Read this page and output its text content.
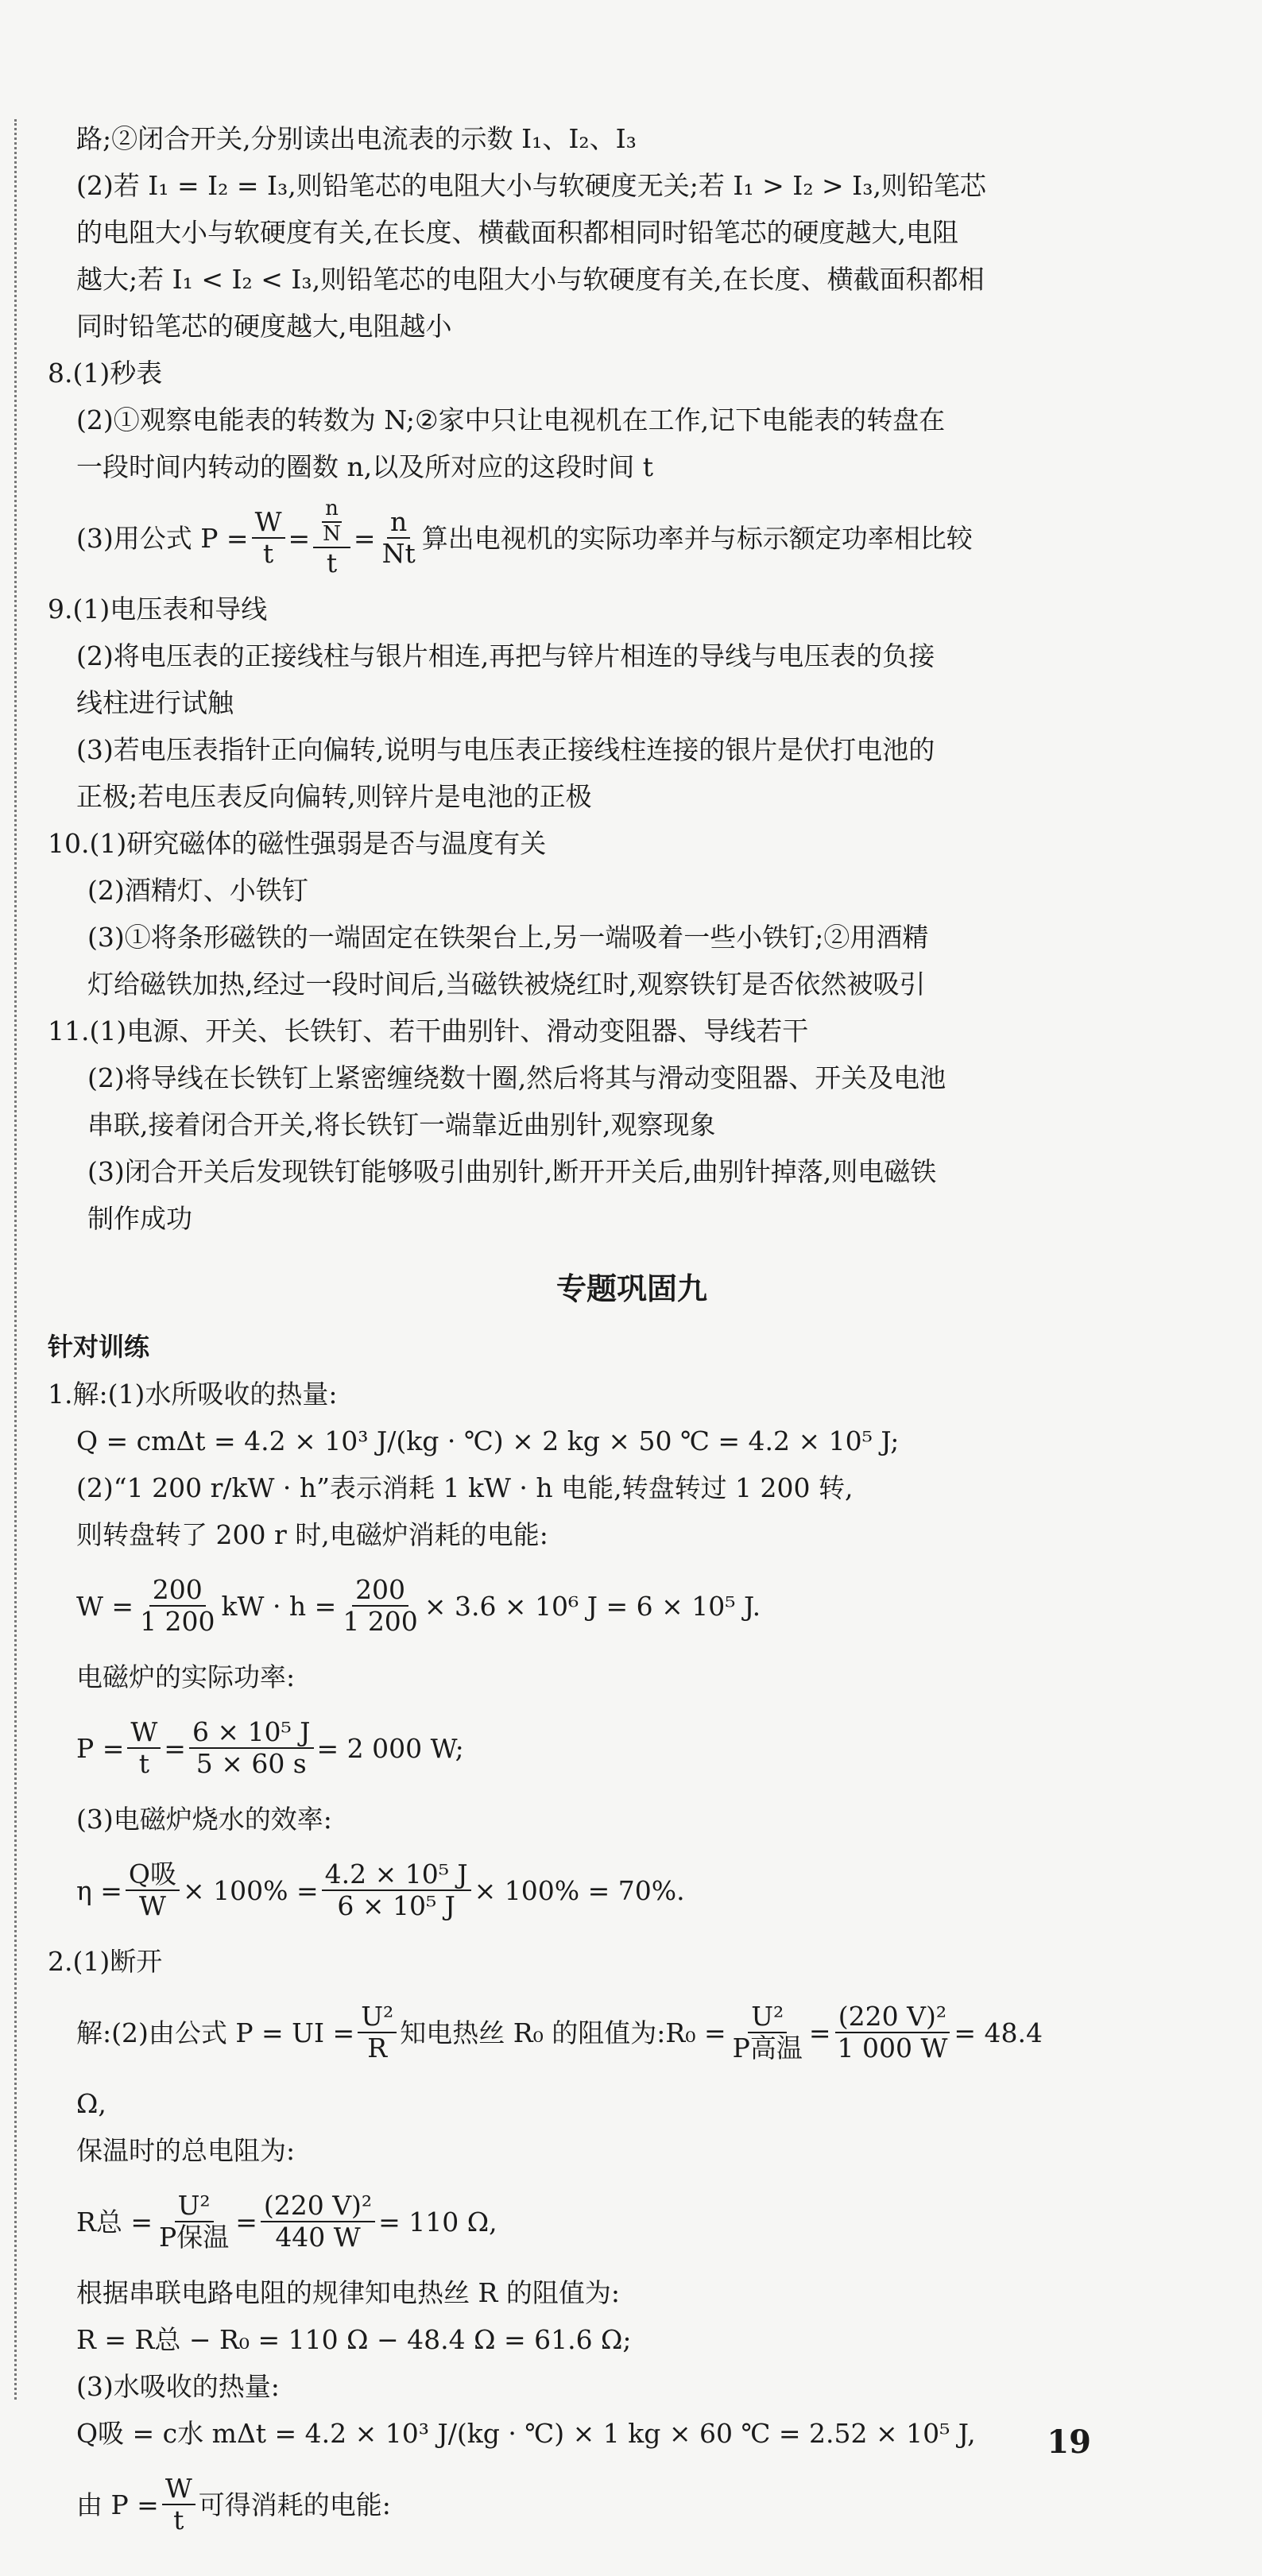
路;②闭合开关,分别读出电流表的示数 I₁、I₂、I₃
(2)若 I₁ = I₂ = I₃,则铅笔芯的电阻大小与软硬度无关;若 I₁ > I₂ > I₃,则铅笔芯
的电阻大小与软硬度有关,在长度、横截面积都相同时铅笔芯的硬度越大,电阻
越大;若 I₁ < I₂ < I₃,则铅笔芯的电阻大小与软硬度有关,在长度、横截面积都相
同时铅笔芯的硬度越大,电阻越小
8.(1)秒表
(2)①观察电能表的转数为 N;②家中只让电视机在工作,记下电能表的转盘在
一段时间内转动的圈数 n,以及所对应的这段时间 t
(3)用公式 $P = \frac{W}{t} = \frac{\frac{n}{N}}{t} = \frac{n}{Nt}$ 算出电视机的实际功率并与标示额定功率相比较
9.(1)电压表和导线
(2)将电压表的正接线柱与银片相连,再把与锌片相连的导线与电压表的负接
线柱进行试触
(3)若电压表指针正向偏转,说明与电压表正接线柱连接的银片是伏打电池的
正极;若电压表反向偏转,则锌片是电池的正极
10.(1)研究磁体的磁性强弱是否与温度有关
(2)酒精灯、小铁钉
(3)①将条形磁铁的一端固定在铁架台上,另一端吸着一些小铁钉;②用酒精
灯给磁铁加热,经过一段时间后,当磁铁被烧红时,观察铁钉是否依然被吸引
11.(1)电源、开关、长铁钉、若干曲别针、滑动变阻器、导线若干
(2)将导线在长铁钉上紧密缠绕数十圈,然后将其与滑动变阻器、开关及电池
串联,接着闭合开关,将长铁钉一端靠近曲别针,观察现象
(3)闭合开关后发现铁钉能够吸引曲别针,断开开关后,曲别针掉落,则电磁铁
制作成功
专题巩固九
针对训练
1.解:(1)水所吸收的热量:
Q = cmΔt = 4.2 × 10³ J/(kg · ℃) × 2 kg × 50 ℃ = 4.2 × 10⁵ J;
(2)“1 200 r/kW · h”表示消耗 1 kW · h 电能,转盘转过 1 200 转,
则转盘转了 200 r 时,电磁炉消耗的电能:
$W = \frac{200}{1 200}$ kW · $h = \frac{200}{1 200} \times 3.6 \times 10^6$ J = 6 × 10⁵ J.
电磁炉的实际功率:
$P = \frac{W}{t} = \frac{\text{6 × 10⁵ J}}{5 \times 60 s} = 2$ 000 W;
(3)电磁炉烧水的效率:
$\eta = \frac{\text{Q吸}}{W} \times 100\% = \frac{\text{4.2 × 10⁵ J}}{\text{6 × 10⁵ J}} \times 100\% = 70\%$.
2.(1)断开
解:(2)由公式 P = UI = $\frac{\text{U²}}{R}$ 知电热丝 R₀ 的阻值为:R₀ = $\frac{\text{U²}}{\text{P高温}} = \frac{\text{(220 V)²}}{1 000 W} = 48.4$
Ω,
保温时的总电阻为:
R总 = $\frac{\text{U²}}{\text{P保温}} = \frac{\text{(220 V)²}}{440 W} = 110$ Ω,
根据串联电路电阻的规律知电热丝 R 的阻值为:
R = R总 − R₀ = 110 Ω − 48.4 Ω = 61.6 Ω;
(3)水吸收的热量:
Q吸 = c水 mΔt = 4.2 × 10³ J/(kg · ℃) × 1 kg × 60 ℃ = 2.52 × 10⁵ J,
由 $P = \frac{W}{t}$ 可得消耗的电能:
19
